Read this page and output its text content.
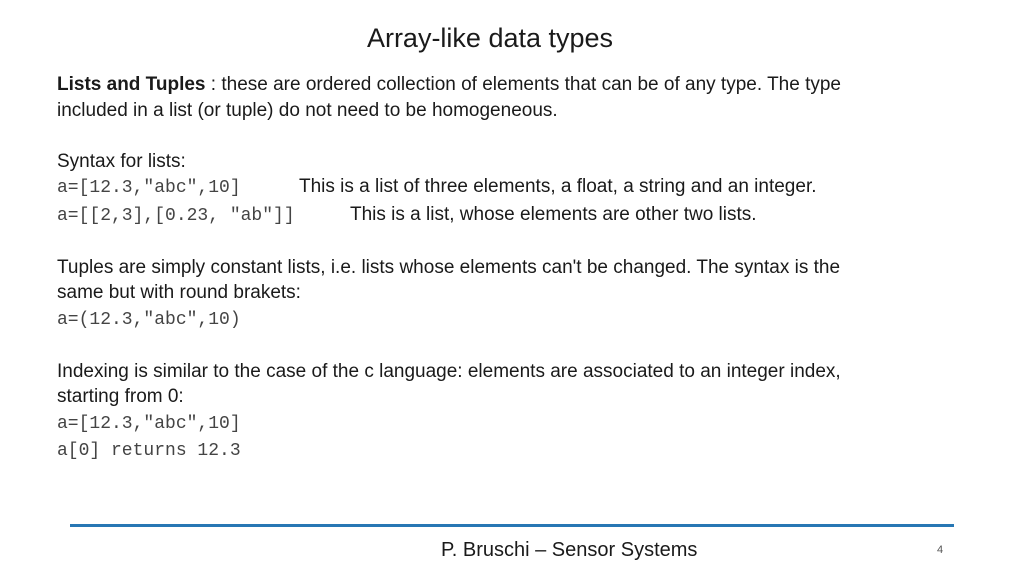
Array-like data types

Lists and Tuples : these are ordered collection of elements that can be of any type. The type

included in a list (or tuple) do not need to be homogeneous.

Syntax for lists:

a=[12.3,"abc",10]	This is a list of three elements, a float, a string and an integer.

a=[[2,3],[0.23, "ab"]]	This is a list, whose elements are other two lists.

Tuples are simply constant lists, i.e. lists whose elements can't be changed. The syntax is the

same but with round brakets:

a=(12.3,"abc",10)

Indexing is similar to the case of the c language: elements are associated to an integer index,

starting from 0:

a=[12.3,"abc",10]

a[0] returns 12.3

P. Bruschi – Sensor Systems	4
